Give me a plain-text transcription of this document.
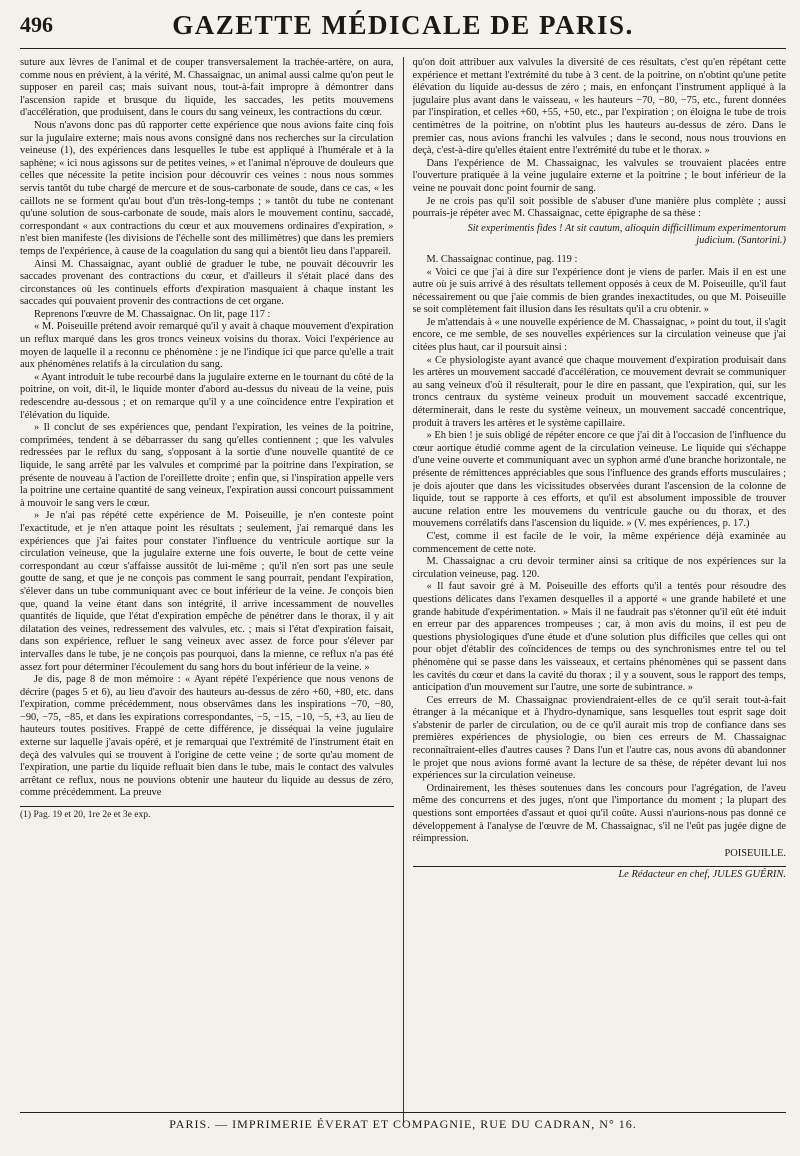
496	GAZETTE MÉDICALE DE PARIS.

suture aux lèvres de l'animal et de couper transversalement la trachée-artère, on aura, comme nous en prévient, à la vérité, M. Chassaignac, un animal aussi calme qu'on peut le supposer en pareil cas; mais suivant nous, tout-à-fait impropre à démontrer dans l'ascension rapide et brusque du liquide, les saccades, les petits mouvemens d'accélération, que produisent, dans le cours du sang veineux, les contractions du cœur.

Nous n'avons donc pas dû rapporter cette expérience que nous avions faite cinq fois sur la jugulaire externe; mais nous avons consigné dans nos recherches sur la circulation veineuse (1), des expériences dans lesquelles le tube est appliqué à l'humérale et à la saphène; « ici nous agissons sur de petites veines, » et l'animal n'éprouve de douleurs que celles que nécessite la petite incision pour découvrir ces veines : nous nous sommes servis tantôt du tube chargé de mercure et de sous-carbonate de soude, dans ce cas, « les caillots ne se forment qu'au bout d'un très-long-temps ; » tantôt du tube ne contenant qu'une solution de sous-carbonate de soude, mais alors le mouvement continu, saccadé, correspondant « aux contractions du cœur et aux mouvemens ordinaires d'expiration, » n'est bien manifeste (les divisions de l'échelle sont des millimètres) que dans les premiers temps de l'expérience, à cause de la coagulation du sang qui a bientôt lieu dans l'appareil.

Ainsi M. Chassaignac, ayant oublié de graduer le tube, ne pouvait découvrir les saccades provenant des contractions du cœur, et d'ailleurs il s'était placé dans des circonstances où les continuels efforts d'expiration masquaient à chaque instant les saccades qui pouvaient provenir des contractions de cet organe.

Reprenons l'œuvre de M. Chassaignac. On lit, page 117 :

« M. Poiseuille prétend avoir remarqué qu'il y avait à chaque mouvement d'expiration un reflux marqué dans les gros troncs veineux voisins du thorax. Voici l'expérience au moyen de laquelle il a reconnu ce phénomène : je ne l'indique ici que parce qu'elle a trait aux phénomènes relatifs à la circulation du sang.

« Ayant introduit le tube recourbé dans la jugulaire externe en le tournant du côté de la poitrine, on voit, dit-il, le liquide monter d'abord au-dessus du niveau de la veine, puis redescendre au-dessous ; et on remarque qu'il y a une coïncidence entre l'expiration et l'élévation du liquide.

» Il conclut de ses expériences que, pendant l'expiration, les veines de la poitrine, comprimées, tendent à se débarrasser du sang qu'elles contiennent ; que les valvules redressées par le reflux du sang, s'opposant à la sortie d'une nouvelle quantité de ce liquide, le sang arrêté par les valvules et comprimé par la poitrine dans l'expiration, se présente de nouveau à l'action de l'oreillette droite ; enfin que, si l'inspiration appelle vers la poitrine une certaine quantité de sang veineux, l'expiration aussi concourt puissamment à mouvoir le sang vers le cœur.

» Je n'ai pas répété cette expérience de M. Poiseuille, je n'en conteste point l'exactitude, et je n'en attaque point les résultats ; seulement, j'ai remarqué dans les expériences que j'ai faites pour constater l'influence du ventricule aortique sur la circulation veineuse, que la jugulaire externe une fois ouverte, le bout de cette veine correspondant au cœur s'affaisse aussitôt de lui-même ; qu'il n'en sort pas une seule goutte de sang, et que je ne conçois pas comment le sang pourrait, pendant l'expiration, s'élever dans un tube communiquant avec ce bout inférieur de la veine. Je conçois bien que, quand la veine étant dans son intégrité, il arrive incessamment de nouvelles quantités de liquide, que l'état d'expiration empêche de pénétrer dans le thorax, il y ait dilatation des veines, redressement des valvules, etc. ; mais si l'état d'expiration faisait, dans son expérience, refluer le sang veineux avec assez de force pour s'élever par intervalles dans le tube, je ne conçois pas pourquoi, dans la mienne, ce reflux n'a pas été assez fort pour déterminer l'écoulement du sang hors du bout inférieur de la veine. »

Je dis, page 8 de mon mémoire : « Ayant répété l'expérience que nous venons de décrire (pages 5 et 6), au lieu d'avoir des hauteurs au-dessus de zéro +60, +80, etc. dans l'expiration, comme précédemment, nous observâmes dans les inspirations −70, −80, −90, −75, −85, et dans les expirations correspondantes, −5, −15, −10, −5, +3, au lieu de hauteurs toutes positives. Frappé de cette différence, je disséquai la veine jugulaire externe sur laquelle j'avais opéré, et je remarquai que l'extrémité de l'instrument était en deçà des valvules qui se trouvent à l'origine de cette veine ; de sorte qu'au moment de l'expiration, une partie du liquide refluait bien dans le tube, mais le contact des valvules arrêtant ce reflux, nous ne pouvions obtenir une hauteur du liquide au dessus de zéro, comme précédemment. La preuve

(1) Pag. 19 et 20, 1re 2e et 3e exp.

qu'on doit attribuer aux valvules la diversité de ces résultats, c'est qu'en répétant cette expérience et mettant l'extrémité du tube à 3 cent. de la poitrine, on n'obtint qu'une petite élévation du liquide au-dessus de zéro ; mais, en enfonçant l'instrument appliqué à la jugulaire plus avant dans le vaisseau, « les hauteurs −70, −80, −75, etc., furent données par l'inspiration, et celles +60, +55, +50, etc., par l'expiration ; on éloigna le tube de trois centimètres de la poitrine, on n'obtint plus les hauteurs au-dessus de zéro. Dans le premier cas, nous avions franchi les valvules ; dans le second, nous nous trouvions en deçà, c'est-à-dire qu'elles étaient entre l'extrémité du tube et le thorax. »

Dans l'expérience de M. Chassaignac, les valvules se trouvaient placées entre l'ouverture pratiquée à la veine jugulaire externe et la poitrine ; le bout inférieur de la veine ne pouvait donc point fournir de sang.

Je ne crois pas qu'il soit possible de s'abuser d'une manière plus complète ; aussi pourrais-je répéter avec M. Chassaignac, cette épigraphe de sa thèse :

Sit experimentis fides ! At sit cautum, alioquin difficillimum experimentorum judicium. (Santorini.)

M. Chassaignac continue, pag. 119 :

« Voici ce que j'ai à dire sur l'expérience dont je viens de parler. Mais il en est une autre où je suis arrivé à des résultats tellement opposés à ceux de M. Poiseuille, qu'il faut nécessairement ou que j'aie commis de bien grandes inexactitudes, ou que M. Poiseuille se soit complètement fait illusion dans les résultats qu'il a cru obtenir. »

Je m'attendais à « une nouvelle expérience de M. Chassaignac, » point du tout, il s'agit encore, ce me semble, de ses nouvelles expériences sur la circulation veineuse que j'ai citées plus haut, car il poursuit ainsi :

« Ce physiologiste ayant avancé que chaque mouvement d'expiration produisait dans les artères un mouvement saccadé d'accélération, ce mouvement devrait se communiquer au sang veineux d'où il résulterait, pour le dire en passant, que l'expiration, qui, sur les troncs centraux du système veineux produit un mouvement saccadé excentrique, déterminerait, dans le reste du système veineux, un mouvement saccadé concentrique, produit à travers les artères et le système capillaire.

» Eh bien ! je suis obligé de répéter encore ce que j'ai dit à l'occasion de l'influence du cœur aortique étudié comme agent de la circulation veineuse. Le liquide qui s'échappe d'une veine ouverte et communiquant avec un syphon armé d'une branche horizontale, ne présente de rémittences appréciables que sous l'influence des grands efforts musculaires ; je dois ajouter que dans les vicissitudes observées durant l'ascension de la colonne de liquide, tout se rapporte à ces efforts, et qu'il est absolument impossible de trouver aucune relation entre les mouvemens du ventricule gauche ou du thorax, et des mouvemens corrélatifs dans l'ascension du liquide. » (V. mes expériences, p. 17.)

C'est, comme il est facile de le voir, la même expérience déjà examinée au commencement de cette note.

M. Chassaignac a cru devoir terminer ainsi sa critique de nos expériences sur la circulation veineuse, pag. 120.

« Il faut savoir gré à M. Poiseuille des efforts qu'il a tentés pour résoudre des questions délicates dans l'examen desquelles il a apporté « une grande habileté et une grande habitude d'expérimentation. » Mais il ne faudrait pas s'étonner qu'il eût été induit en erreur par des apparences trompeuses ; car, à mon avis du moins, il est peu de questions physiologiques d'une étude et d'une solution plus difficiles que celles qui ont pour objet d'établir des coïncidences de temps ou des synchronismes entre tel ou tel phénomène qui se passe dans les vaisseaux, et certains phénomènes qui se passent dans les cavités du cœur et dans la cavité du thorax ; il y a souvent, sous le rapport des temps, anticipation d'un mouvement sur l'autre, une sorte de subintrance. »

Ces erreurs de M. Chassaignac proviendraient-elles de ce qu'il serait tout-à-fait étranger à la mécanique et à l'hydro-dynamique, sans lesquelles tout esprit sage doit s'abstenir de parler de circulation, ou de ce qu'il aurait mis trop de confiance dans ses premières expériences de physiologie, ou bien ces erreurs de M. Chassaignac reconnaîtraient-elles d'autres causes ? Dans l'un et l'autre cas, nous avons dû abandonner le projet que nous avions formé avant la lecture de sa thèse, de répéter devant lui nos expériences sur la circulation veineuse.

Ordinairement, les thèses soutenues dans les concours pour l'agrégation, de l'aveu même des concurrens et des juges, n'ont que l'importance du moment ; la plupart des questions sont emportées d'assaut et quoi qu'il coûte. Aussi n'aurions-nous pas donné ce développement à l'analyse de l'œuvre de M. Chassaignac, s'il ne l'eût pas jugée digne de réimpression.

POISEUILLE.

Le Rédacteur en chef, JULES GUÉRIN.
PARIS. — IMPRIMERIE ÉVERAT ET COMPAGNIE, RUE DU CADRAN, N° 16.
